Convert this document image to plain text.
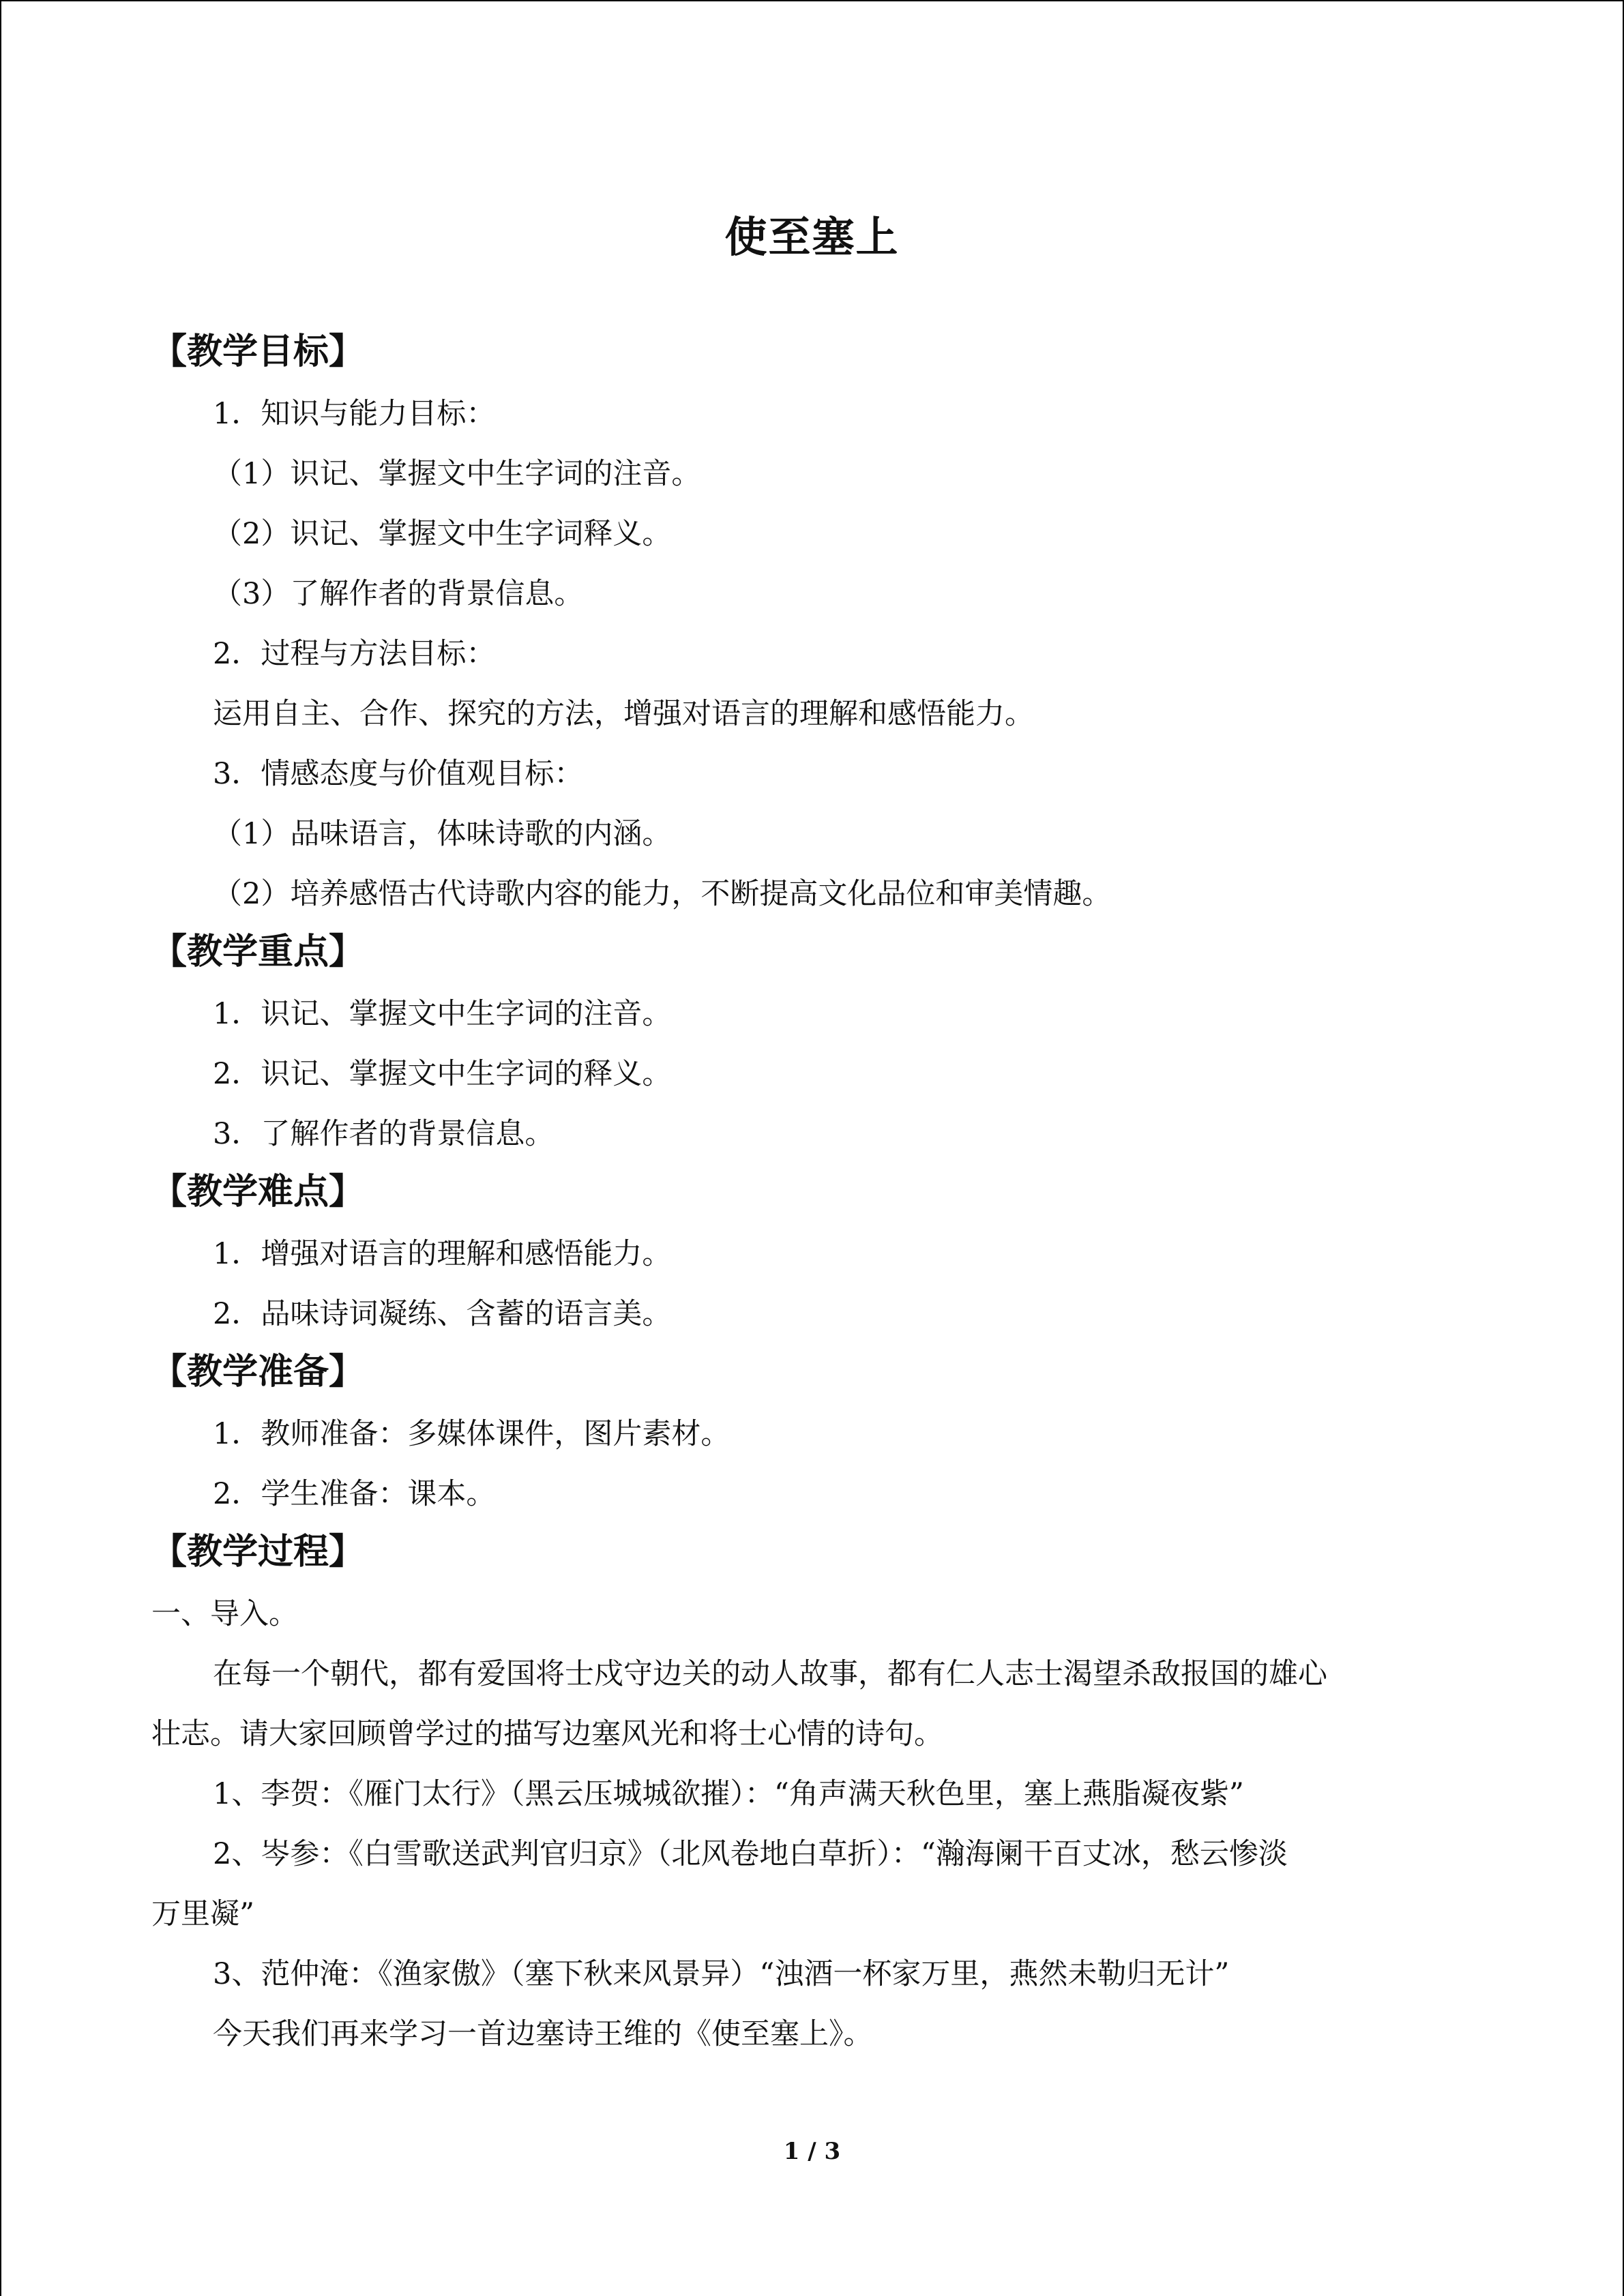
使至塞上
【教学目标】
1．知识与能力目标：
（1）识记、掌握文中生字词的注音。
（2）识记、掌握文中生字词释义。
（3）了解作者的背景信息。
2．过程与方法目标：
运用自主、合作、探究的方法，增强对语言的理解和感悟能力。
3．情感态度与价值观目标：
（1）品味语言，体味诗歌的内涵。
（2）培养感悟古代诗歌内容的能力，不断提高文化品位和审美情趣。
【教学重点】
1．识记、掌握文中生字词的注音。
2．识记、掌握文中生字词的释义。
3．了解作者的背景信息。
【教学难点】
1．增强对语言的理解和感悟能力。
2．品味诗词凝练、含蓄的语言美。
【教学准备】
1．教师准备：多媒体课件，图片素材。
2．学生准备：课本。
【教学过程】
一、导入。
在每一个朝代，都有爱国将士戍守边关的动人故事，都有仁人志士渴望杀敌报国的雄心
壮志。请大家回顾曾学过的描写边塞风光和将士心情的诗句。
1、李贺：《雁门太行》（黑云压城城欲摧）：“角声满天秋色里，塞上燕脂凝夜紫”
2、岑参：《白雪歌送武判官归京》（北风卷地白草折）：“瀚海阑干百丈冰，愁云惨淡
万里凝”
3、范仲淹：《渔家傲》（塞下秋来风景异）“浊酒一杯家万里，燕然未勒归无计”
今天我们再来学习一首边塞诗王维的《使至塞上》。
1 / 3
